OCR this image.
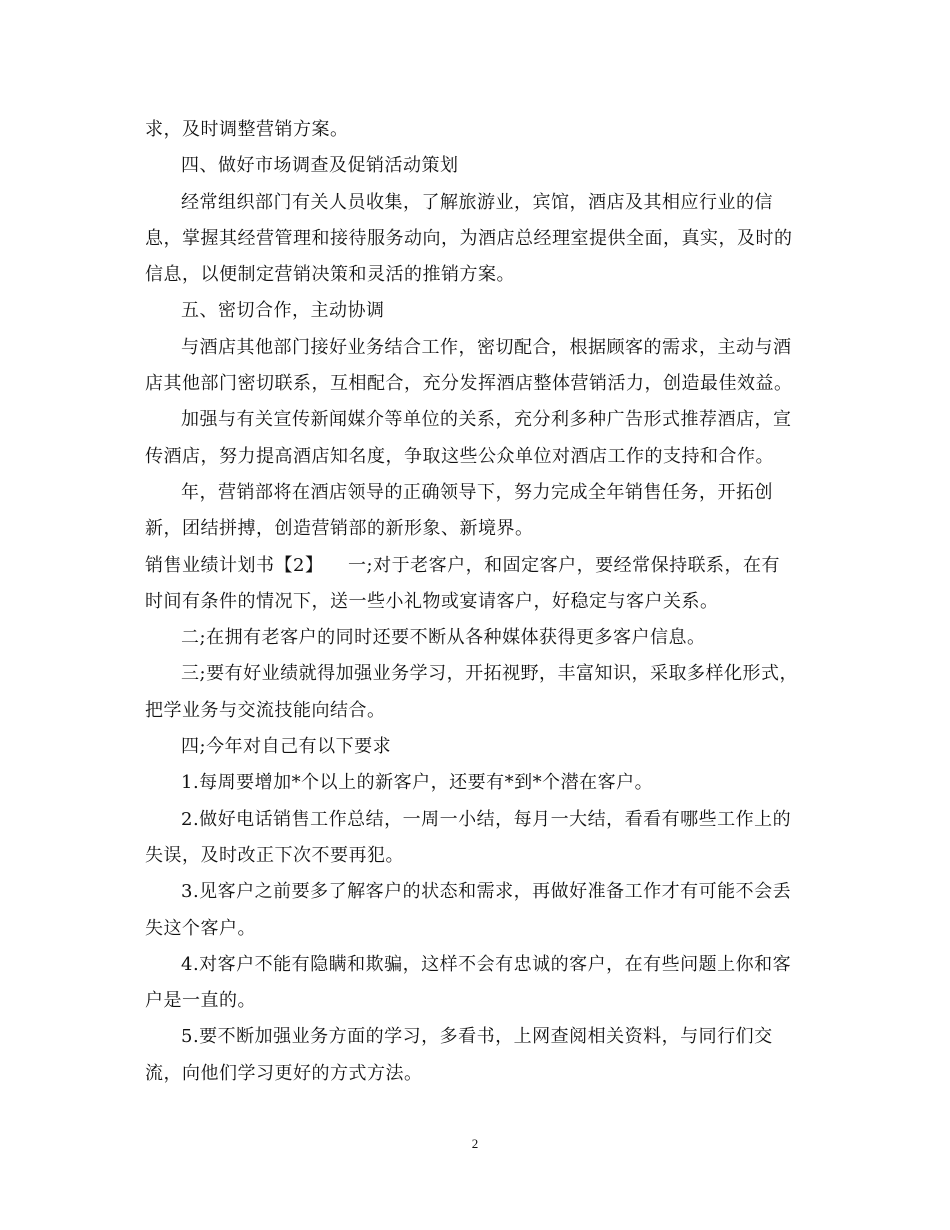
求，及时调整营销方案。
四、做好市场调查及促销活动策划
经常组织部门有关人员收集，了解旅游业，宾馆，酒店及其相应行业的信
息，掌握其经营管理和接待服务动向，为酒店总经理室提供全面，真实，及时的
信息，以便制定营销决策和灵活的推销方案。
五、密切合作，主动协调
与酒店其他部门接好业务结合工作，密切配合，根据顾客的需求，主动与酒
店其他部门密切联系，互相配合，充分发挥酒店整体营销活力，创造最佳效益。
加强与有关宣传新闻媒介等单位的关系，充分利多种广告形式推荐酒店，宣
传酒店，努力提高酒店知名度，争取这些公众单位对酒店工作的支持和合作。
年，营销部将在酒店领导的正确领导下，努力完成全年销售任务，开拓创
新，团结拼搏，创造营销部的新形象、新境界。
销售业绩计划书【2】	一;对于老客户，和固定客户，要经常保持联系，在有
时间有条件的情况下，送一些小礼物或宴请客户，好稳定与客户关系。
二;在拥有老客户的同时还要不断从各种媒体获得更多客户信息。
三;要有好业绩就得加强业务学习，开拓视野，丰富知识，采取多样化形式，
把学业务与交流技能向结合。
四;今年对自己有以下要求
1.每周要增加*个以上的新客户，还要有*到*个潜在客户。
2.做好电话销售工作总结，一周一小结，每月一大结，看看有哪些工作上的
失误，及时改正下次不要再犯。
3.见客户之前要多了解客户的状态和需求，再做好准备工作才有可能不会丢
失这个客户。
4.对客户不能有隐瞒和欺骗，这样不会有忠诚的客户，在有些问题上你和客
户是一直的。
5.要不断加强业务方面的学习，多看书，上网查阅相关资料，与同行们交
流，向他们学习更好的方式方法。
2
